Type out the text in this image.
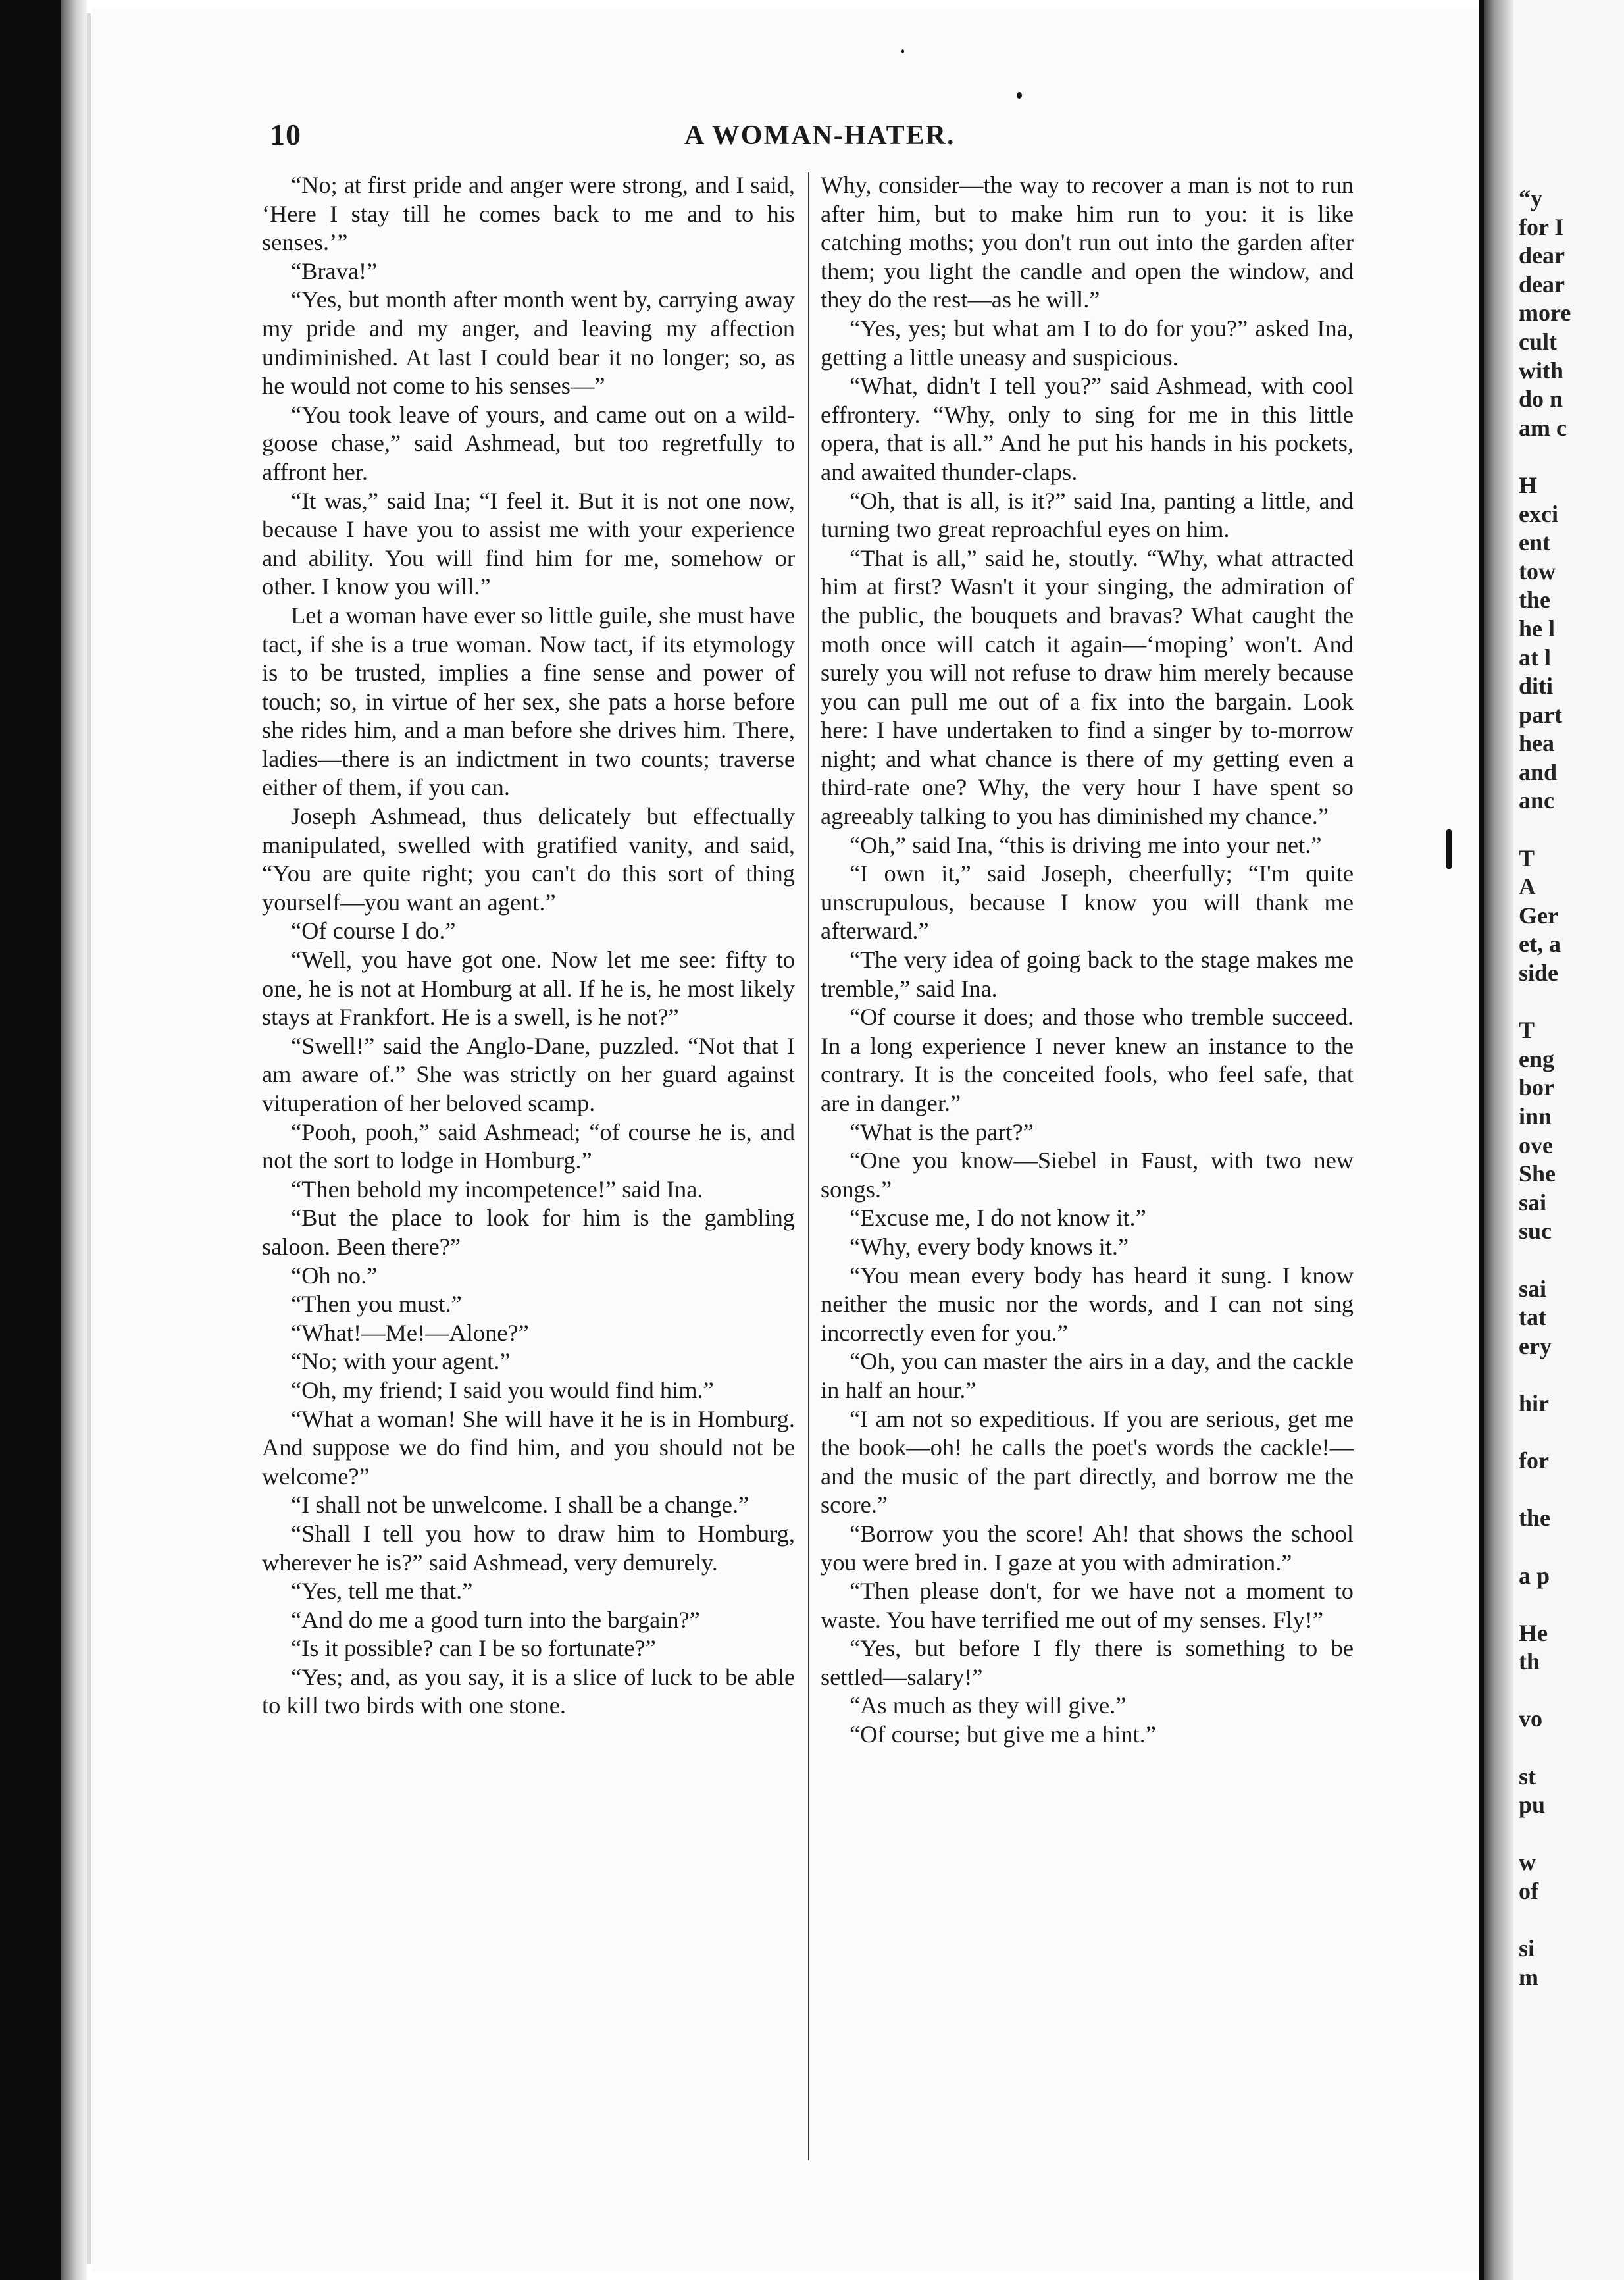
“y
for I
dear
dear
more
cult
with
do n
am c

H
exci
ent
tow
the
he l
at l
diti
part
hea
and
anc

T
A
Ger
et, a
side

T
eng
bor
inn
ove
She
sai
suc

sai
tat
ery

hir

for

the

a p

He
th

vo

st
pu

w
of

si
m
10	A WOMAN-HATER.

“No; at first pride and anger were strong, and I said, ‘Here I stay till he comes back to me and to his senses.’”

“Brava!”

“Yes, but month after month went by, carrying away my pride and my anger, and leaving my affection undiminished. At last I could bear it no longer; so, as he would not come to his senses—”

“You took leave of yours, and came out on a wild-goose chase,” said Ashmead, but too regretfully to affront her.

“It was,” said Ina; “I feel it. But it is not one now, because I have you to assist me with your experience and ability. You will find him for me, somehow or other. I know you will.”

Let a woman have ever so little guile, she must have tact, if she is a true woman. Now tact, if its etymology is to be trusted, implies a fine sense and power of touch; so, in virtue of her sex, she pats a horse before she rides him, and a man before she drives him. There, ladies—there is an indictment in two counts; traverse either of them, if you can.

Joseph Ashmead, thus delicately but effectually manipulated, swelled with gratified vanity, and said, “You are quite right; you can't do this sort of thing yourself—you want an agent.”

“Of course I do.”

“Well, you have got one. Now let me see: fifty to one, he is not at Homburg at all. If he is, he most likely stays at Frankfort. He is a swell, is he not?”

“Swell!” said the Anglo-Dane, puzzled. “Not that I am aware of.” She was strictly on her guard against vituperation of her beloved scamp.

“Pooh, pooh,” said Ashmead; “of course he is, and not the sort to lodge in Homburg.”

“Then behold my incompetence!” said Ina.

“But the place to look for him is the gambling saloon. Been there?”

“Oh no.”

“Then you must.”

“What!—Me!—Alone?”

“No; with your agent.”

“Oh, my friend; I said you would find him.”

“What a woman! She will have it he is in Homburg. And suppose we do find him, and you should not be welcome?”

“I shall not be unwelcome. I shall be a change.”

“Shall I tell you how to draw him to Homburg, wherever he is?” said Ashmead, very demurely.

“Yes, tell me that.”

“And do me a good turn into the bargain?”

“Is it possible? can I be so fortunate?”

“Yes; and, as you say, it is a slice of luck to be able to kill two birds with one stone.

Why, consider—the way to recover a man is not to run after him, but to make him run to you: it is like catching moths; you don't run out into the garden after them; you light the candle and open the window, and they do the rest—as he will.”

“Yes, yes; but what am I to do for you?” asked Ina, getting a little uneasy and suspicious.

“What, didn't I tell you?” said Ashmead, with cool effrontery. “Why, only to sing for me in this little opera, that is all.” And he put his hands in his pockets, and awaited thunder-claps.

“Oh, that is all, is it?” said Ina, panting a little, and turning two great reproachful eyes on him.

“That is all,” said he, stoutly. “Why, what attracted him at first? Wasn't it your singing, the admiration of the public, the bouquets and bravas? What caught the moth once will catch it again—‘moping’ won't. And surely you will not refuse to draw him merely because you can pull me out of a fix into the bargain. Look here: I have undertaken to find a singer by to-morrow night; and what chance is there of my getting even a third-rate one? Why, the very hour I have spent so agreeably talking to you has diminished my chance.”

“Oh,” said Ina, “this is driving me into your net.”

“I own it,” said Joseph, cheerfully; “I'm quite unscrupulous, because I know you will thank me afterward.”

“The very idea of going back to the stage makes me tremble,” said Ina.

“Of course it does; and those who tremble succeed. In a long experience I never knew an instance to the contrary. It is the conceited fools, who feel safe, that are in danger.”

“What is the part?”

“One you know—Siebel in Faust, with two new songs.”

“Excuse me, I do not know it.”

“Why, every body knows it.”

“You mean every body has heard it sung. I know neither the music nor the words, and I can not sing incorrectly even for you.”

“Oh, you can master the airs in a day, and the cackle in half an hour.”

“I am not so expeditious. If you are serious, get me the book—oh! he calls the poet's words the cackle!—and the music of the part directly, and borrow me the score.”

“Borrow you the score! Ah! that shows the school you were bred in. I gaze at you with admiration.”

“Then please don't, for we have not a moment to waste. You have terrified me out of my senses. Fly!”

“Yes, but before I fly there is something to be settled—salary!”

“As much as they will give.”

“Of course; but give me a hint.”
